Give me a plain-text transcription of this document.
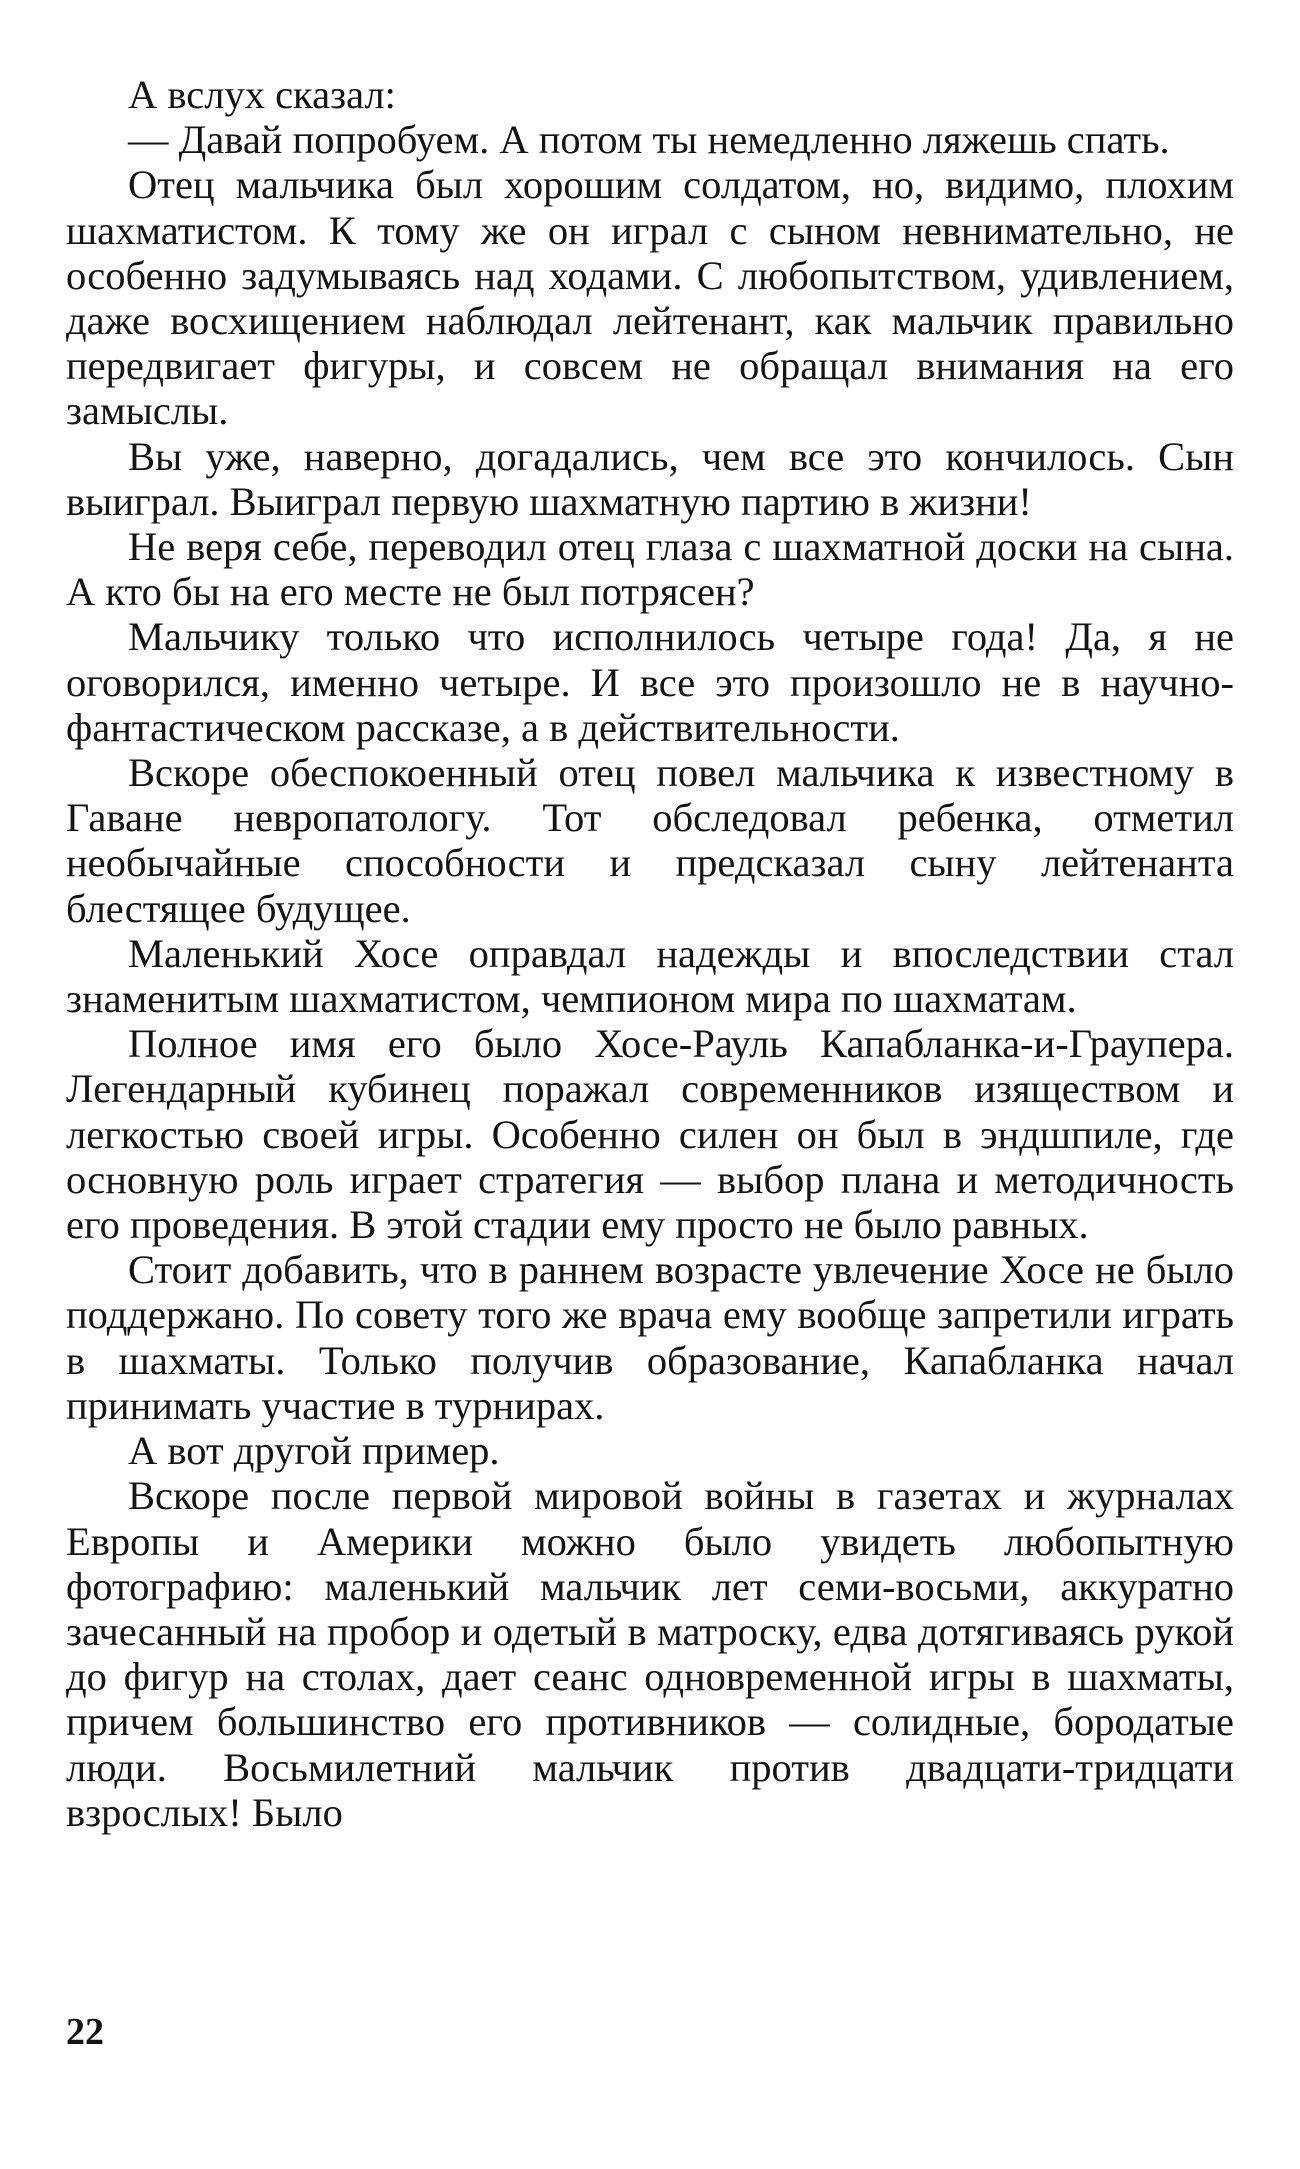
А вслух сказал:

— Давай попробуем. А потом ты немедленно ляжешь спать.

Отец мальчика был хорошим солдатом, но, видимо, плохим шахматистом. К тому же он играл с сыном невнимательно, не особенно задумываясь над ходами. С любопытством, удивлением, даже восхищением наблюдал лейтенант, как мальчик правильно передвигает фигуры, и совсем не обращал внимания на его замыслы.

Вы уже, наверно, догадались, чем все это кончилось. Сын выиграл. Выиграл первую шахматную партию в жизни!

Не веря себе, переводил отец глаза с шахматной доски на сына. А кто бы на его месте не был потрясен?

Мальчику только что исполнилось четыре года! Да, я не оговорился, именно четыре. И все это произошло не в научно-фантастическом рассказе, а в действительности.

Вскоре обеспокоенный отец повел мальчика к известному в Гаване невропатологу. Тот обследовал ребенка, отметил необычайные способности и предсказал сыну лейтенанта блестящее будущее.

Маленький Хосе оправдал надежды и впоследствии стал знаменитым шахматистом, чемпионом мира по шахматам.

Полное имя его было Хосе-Рауль Капабланка-и-Граупера. Легендарный кубинец поражал современников изяществом и легкостью своей игры. Особенно силен он был в эндшпиле, где основную роль играет стратегия — выбор плана и методичность его проведения. В этой стадии ему просто не было равных.

Стоит добавить, что в раннем возрасте увлечение Хосе не было поддержано. По совету того же врача ему вообще запретили играть в шахматы. Только получив образование, Капабланка начал принимать участие в турнирах.

А вот другой пример.

Вскоре после первой мировой войны в газетах и журналах Европы и Америки можно было увидеть любопытную фотографию: маленький мальчик лет семи-восьми, аккуратно зачесанный на пробор и одетый в матроску, едва дотягиваясь рукой до фигур на столах, дает сеанс одновременной игры в шахматы, причем большинство его противников — солидные, бородатые люди. Восьмилетний мальчик против двадцати-тридцати взрослых! Было

22
